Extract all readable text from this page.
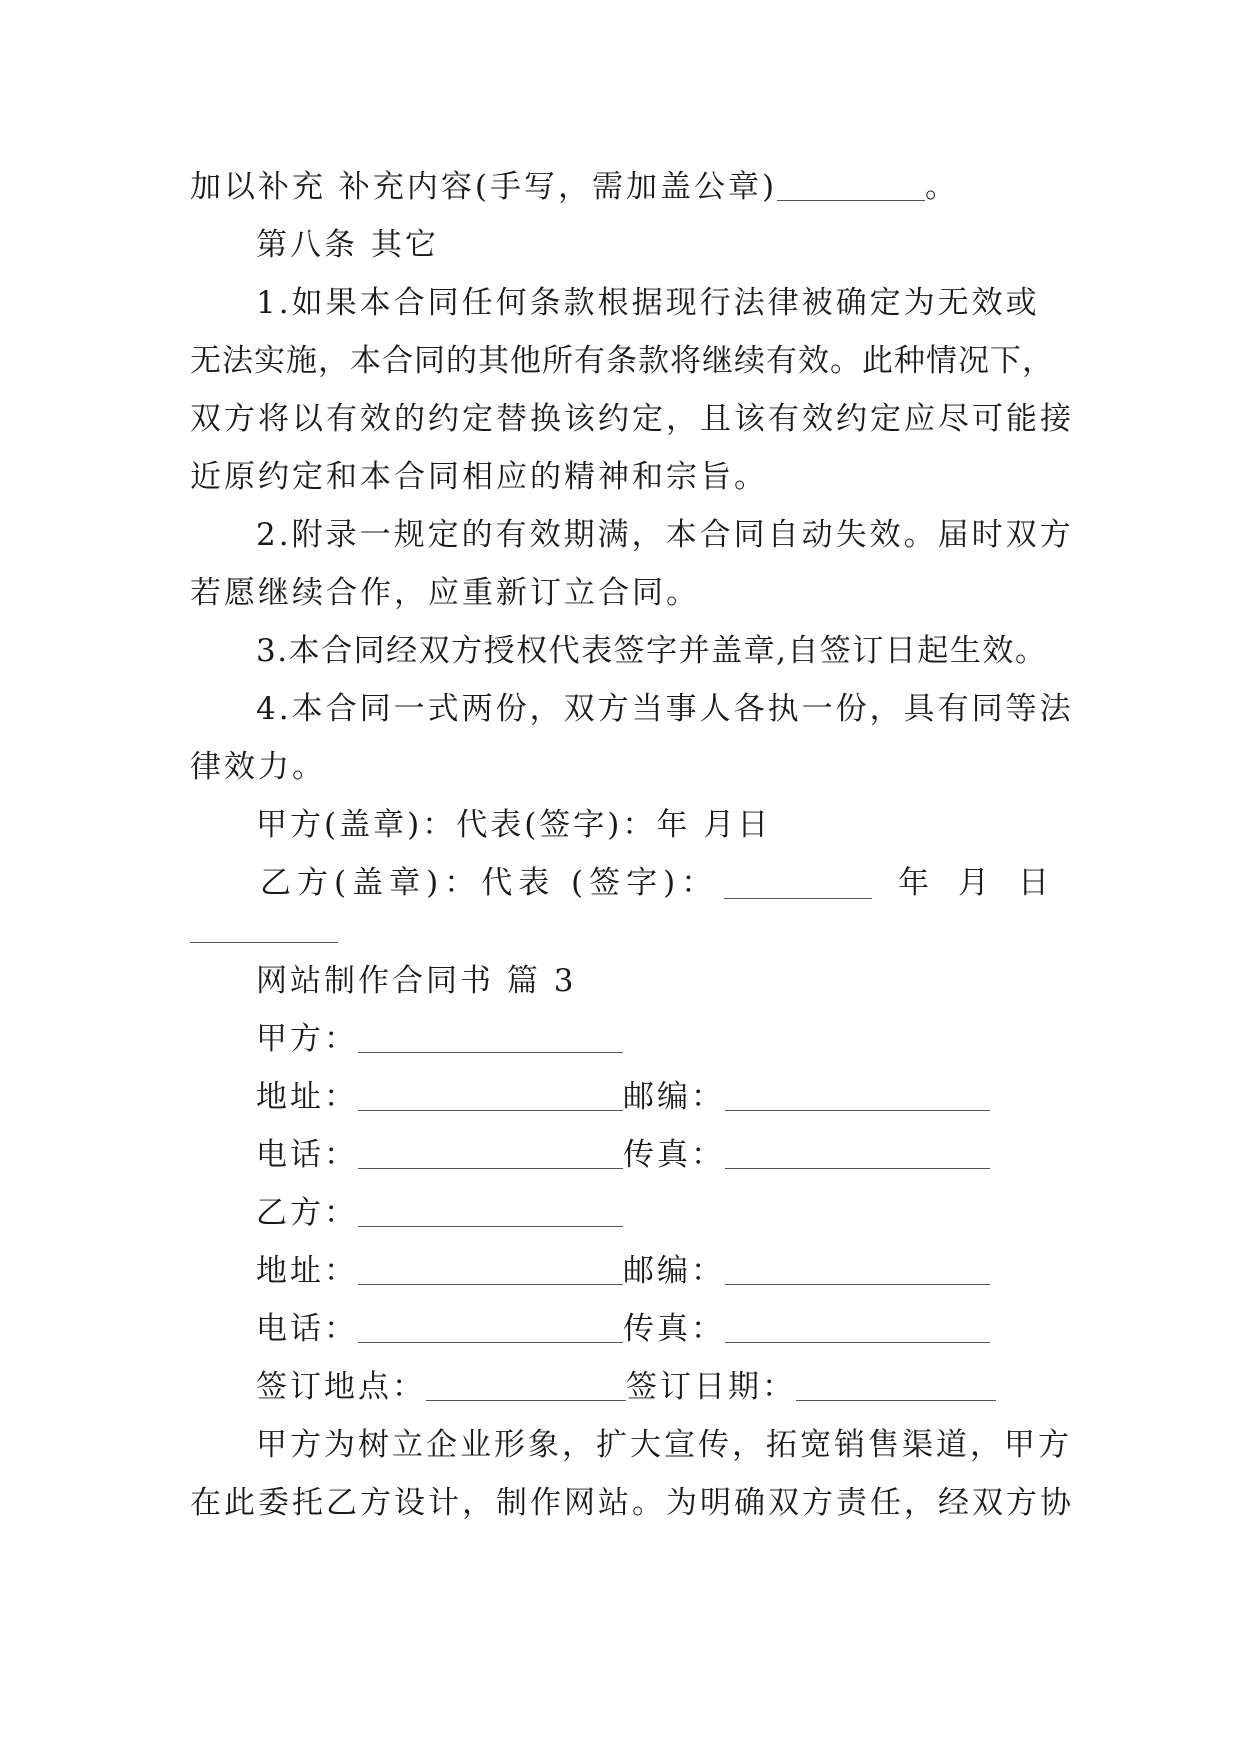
加以补充 补充内容(手写，需加盖公章)	。
第八条 其它
1.如果本合同任何条款根据现行法律被确定为无效或
无法实施，本合同的其他所有条款将继续有效。此种情况下，
双方将以有效的约定替换该约定，且该有效约定应尽可能接
近原约定和本合同相应的精神和宗旨。
2.附录一规定的有效期满，本合同自动失效。届时双方
若愿继续合作，应重新订立合同。
3.本合同经双方授权代表签字并盖章,自签订日起生效。
4.本合同一式两份，双方当事人各执一份，具有同等法
律效力。
甲方(盖章)：代表(签字)：年 月日
乙方(盖章)：代表 (签字)：	年 月 日
网站制作合同书 篇 3
甲方：
地址：	邮编：
电话：	传真：
乙方：
地址：	邮编：
电话：	传真：
签订地点：	签订日期：
甲方为树立企业形象，扩大宣传，拓宽销售渠道，甲方
在此委托乙方设计，制作网站。为明确双方责任，经双方协
